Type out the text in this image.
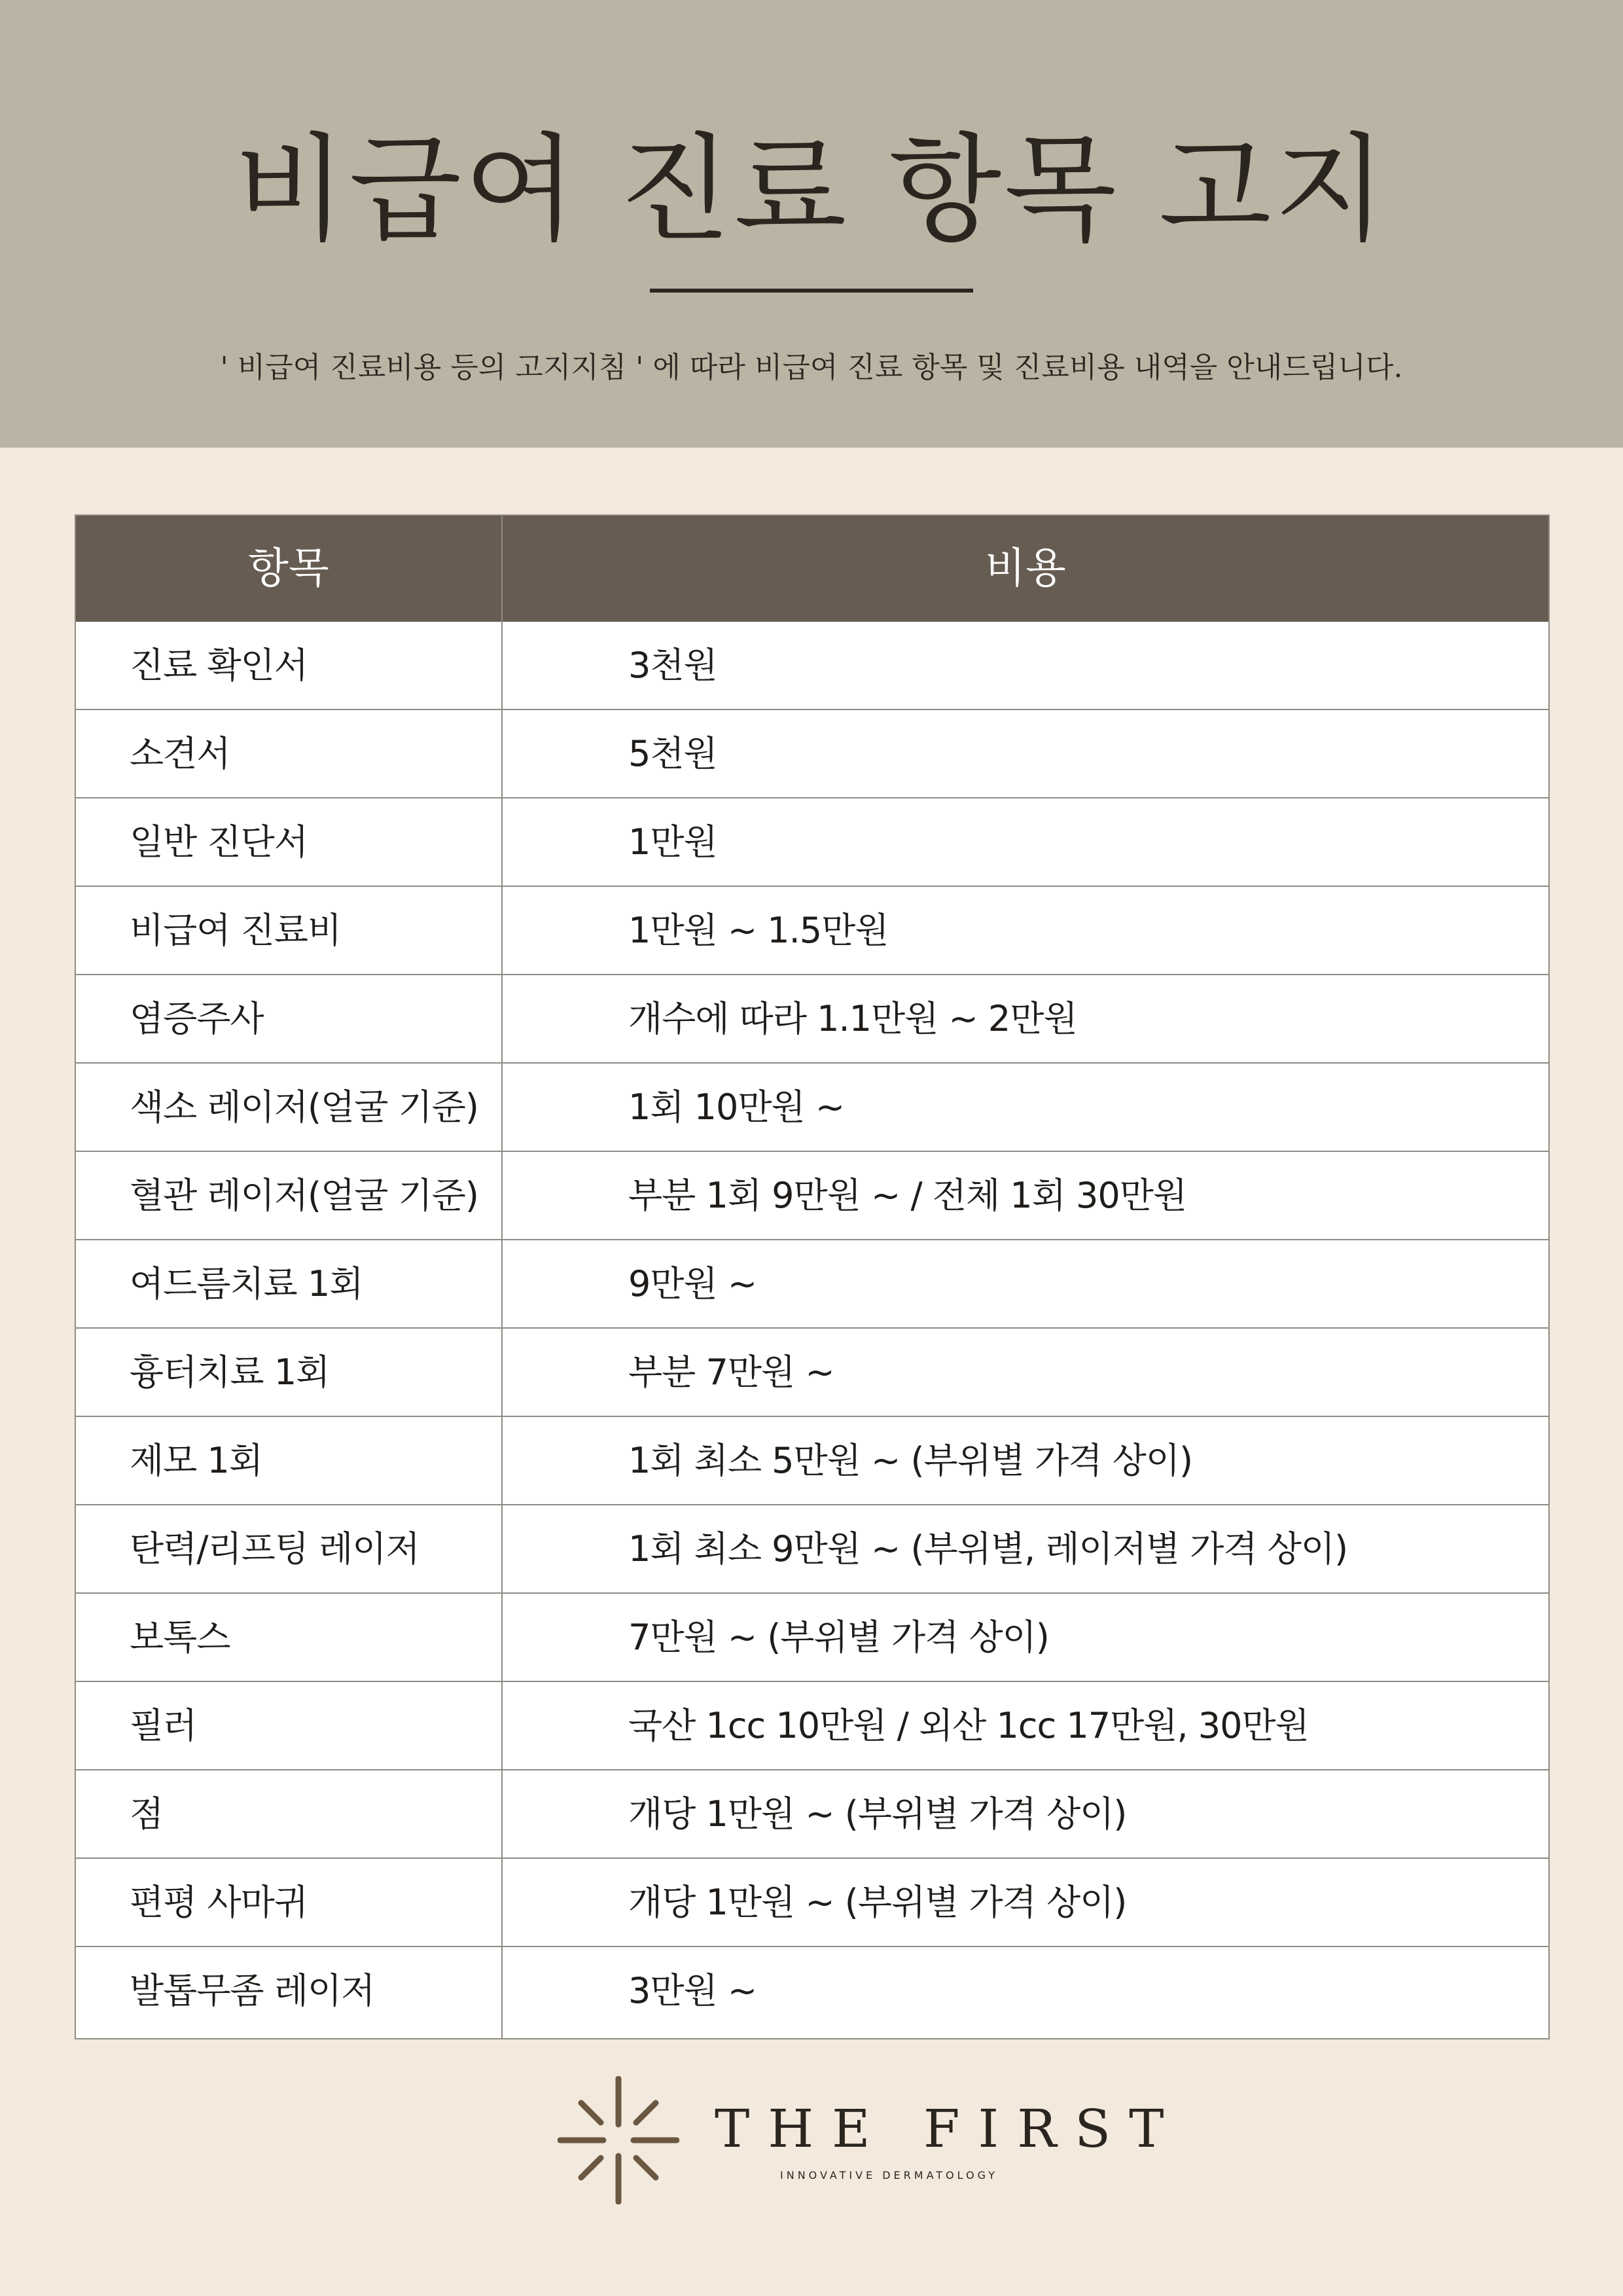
비급여 진료 항목 고지
' 비급여 진료비용 등의 고지지침 ' 에 따라 비급여 진료 항목 및 진료비용 내역을 안내드립니다.
항목	비용
진료 확인서	3천원
소견서	5천원
일반 진단서	1만원
비급여 진료비	1만원 ~ 1.5만원
염증주사	개수에 따라 1.1만원 ~ 2만원
색소 레이저(얼굴 기준)	1회 10만원 ~
혈관 레이저(얼굴 기준)	부분 1회 9만원 ~ / 전체 1회 30만원
여드름치료 1회	9만원 ~
흉터치료 1회	부분 7만원 ~
제모 1회	1회 최소 5만원 ~ (부위별 가격 상이)
탄력/리프팅 레이저	1회 최소 9만원 ~ (부위별, 레이저별 가격 상이)
보톡스	7만원 ~ (부위별 가격 상이)
필러	국산 1cc 10만원 / 외산 1cc 17만원, 30만원
점	개당 1만원 ~ (부위별 가격 상이)
편평 사마귀	개당 1만원 ~ (부위별 가격 상이)
발톱무좀 레이저	3만원 ~
THE FIRST
INNOVATIVE DERMATOLOGY
